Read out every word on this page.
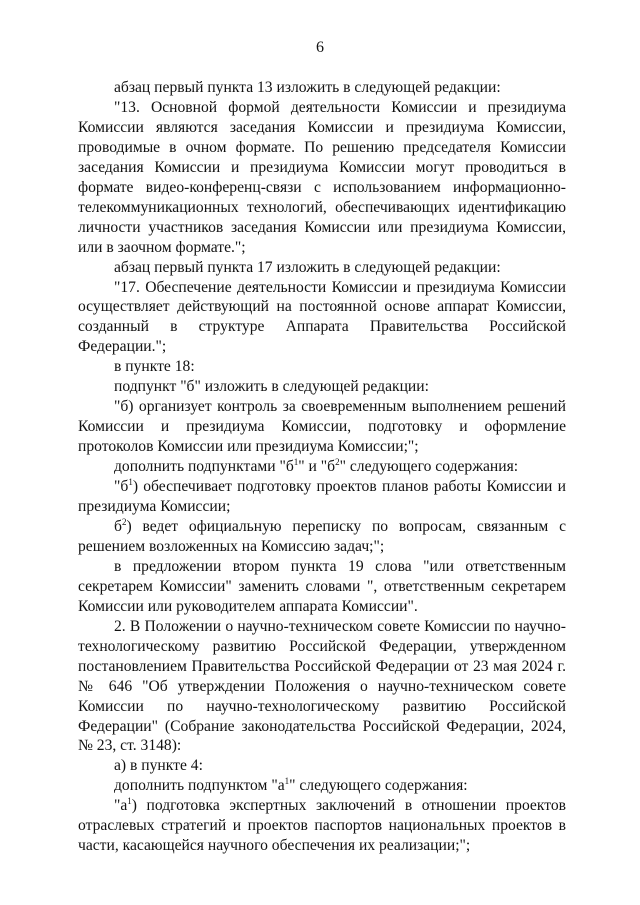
6

абзац первый пункта 13 изложить в следующей редакции:

"13. Основной формой деятельности Комиссии и президиума Комиссии являются заседания Комиссии и президиума Комиссии, проводимые в очном формате. По решению председателя Комиссии заседания Комиссии и президиума Комиссии могут проводиться в формате видео-конференц-связи с использованием информационно-телекоммуникационных технологий, обеспечивающих идентификацию личности участников заседания Комиссии или президиума Комиссии, или в заочном формате.";

абзац первый пункта 17 изложить в следующей редакции:

"17. Обеспечение деятельности Комиссии и президиума Комиссии осуществляет действующий на постоянной основе аппарат Комиссии, созданный в структуре Аппарата Правительства Российской Федерации.";

в пункте 18:

подпункт "б" изложить в следующей редакции:

"б) организует контроль за своевременным выполнением решений Комиссии и президиума Комиссии, подготовку и оформление протоколов Комиссии или президиума Комиссии;";

дополнить подпунктами "$б^1$" и "$б^2$" следующего содержания:

"$б^1$) обеспечивает подготовку проектов планов работы Комиссии и президиума Комиссии;

$б^2$) ведет официальную переписку по вопросам, связанным с решением возложенных на Комиссию задач;";

в предложении втором пункта 19 слова "или ответственным секретарем Комиссии" заменить словами ", ответственным секретарем Комиссии или руководителем аппарата Комиссии".

2. В Положении о научно-техническом совете Комиссии по научно-технологическому развитию Российской Федерации, утвержденном постановлением Правительства Российской Федерации от 23 мая 2024 г. № 646 "Об утверждении Положения о научно-техническом совете Комиссии по научно-технологическому развитию Российской Федерации" (Собрание законодательства Российской Федерации, 2024, № 23, ст. 3148):

а) в пункте 4:

дополнить подпунктом "$а^1$" следующего содержания:

"$а^1$) подготовка экспертных заключений в отношении проектов отраслевых стратегий и проектов паспортов национальных проектов в части, касающейся научного обеспечения их реализации;";
